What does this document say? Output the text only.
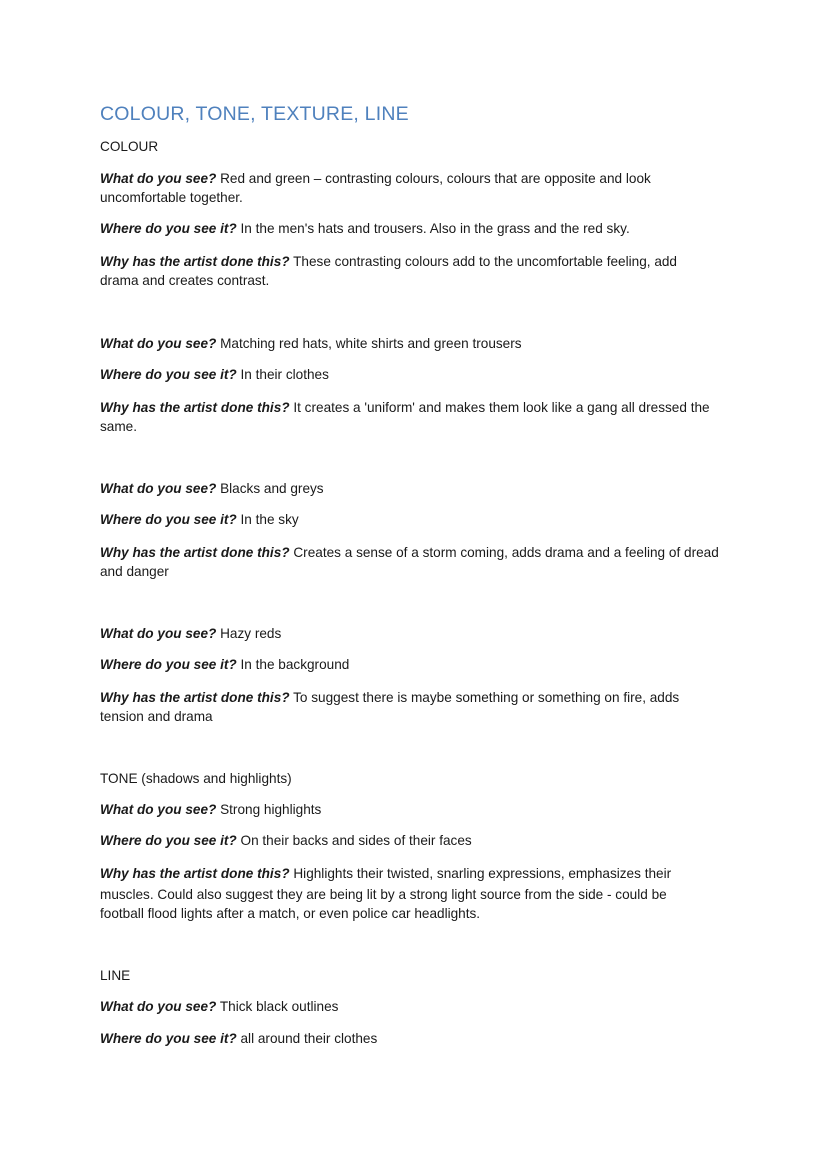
COLOUR, TONE, TEXTURE, LINE
COLOUR
What do you see? Red and green – contrasting colours, colours that are opposite and look
uncomfortable together.
Where do you see it? In the men's hats and trousers. Also in the grass and the red sky.
Why has the artist done this? These contrasting colours add to the uncomfortable feeling, add
drama and creates contrast.
What do you see? Matching red hats, white shirts and green trousers
Where do you see it? In their clothes
Why has the artist done this? It creates a 'uniform' and makes them look like a gang all dressed the
same.
What do you see? Blacks and greys
Where do you see it? In the sky
Why has the artist done this? Creates a sense of a storm coming, adds drama and a feeling of dread
and danger
What do you see? Hazy reds
Where do you see it? In the background
Why has the artist done this? To suggest there is maybe something or something on fire, adds
tension and drama
TONE (shadows and highlights)
What do you see? Strong highlights
Where do you see it? On their backs and sides of their faces
Why has the artist done this? Highlights their twisted, snarling expressions, emphasizes their
muscles. Could also suggest they are being lit by a strong light source from the side - could be
football flood lights after a match, or even police car headlights.
LINE
What do you see? Thick black outlines
Where do you see it? all around their clothes
